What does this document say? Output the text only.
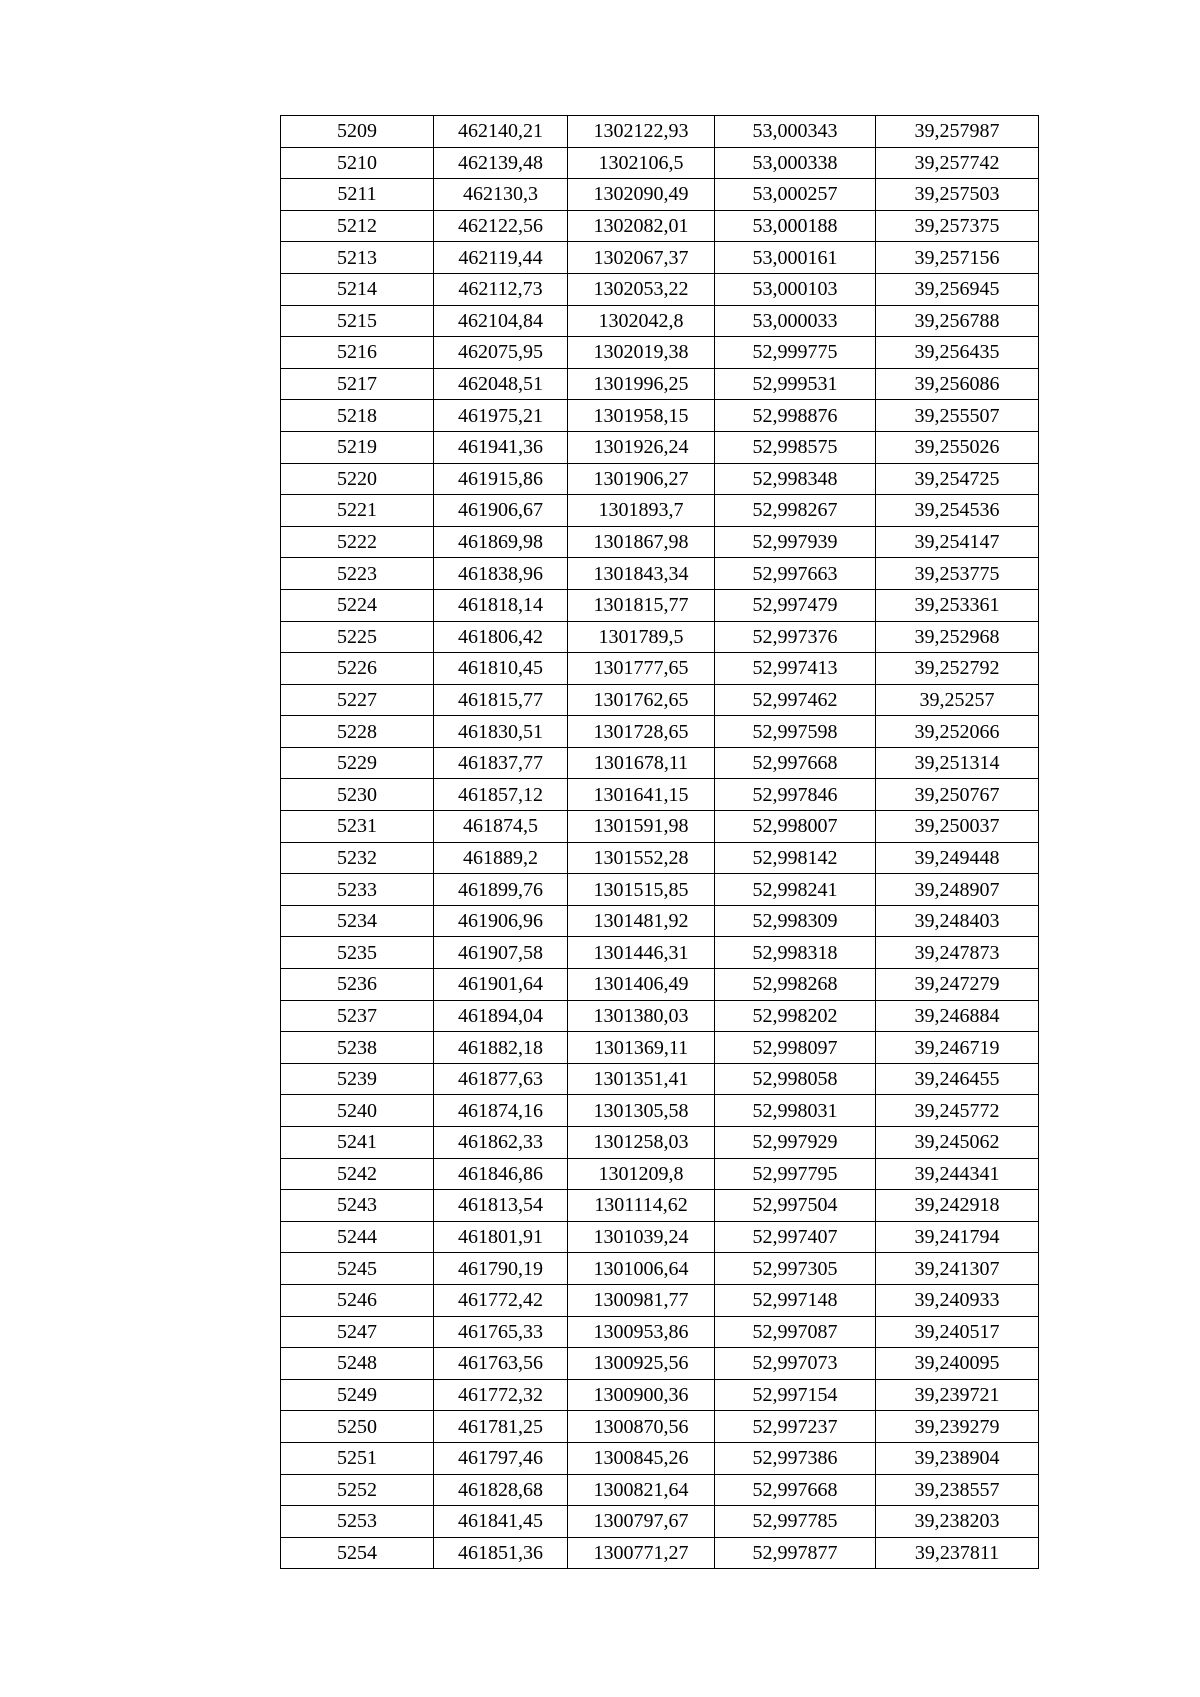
5209	462140,21	1302122,93	53,000343	39,257987
5210	462139,48	1302106,5	53,000338	39,257742
5211	462130,3	1302090,49	53,000257	39,257503
5212	462122,56	1302082,01	53,000188	39,257375
5213	462119,44	1302067,37	53,000161	39,257156
5214	462112,73	1302053,22	53,000103	39,256945
5215	462104,84	1302042,8	53,000033	39,256788
5216	462075,95	1302019,38	52,999775	39,256435
5217	462048,51	1301996,25	52,999531	39,256086
5218	461975,21	1301958,15	52,998876	39,255507
5219	461941,36	1301926,24	52,998575	39,255026
5220	461915,86	1301906,27	52,998348	39,254725
5221	461906,67	1301893,7	52,998267	39,254536
5222	461869,98	1301867,98	52,997939	39,254147
5223	461838,96	1301843,34	52,997663	39,253775
5224	461818,14	1301815,77	52,997479	39,253361
5225	461806,42	1301789,5	52,997376	39,252968
5226	461810,45	1301777,65	52,997413	39,252792
5227	461815,77	1301762,65	52,997462	39,25257
5228	461830,51	1301728,65	52,997598	39,252066
5229	461837,77	1301678,11	52,997668	39,251314
5230	461857,12	1301641,15	52,997846	39,250767
5231	461874,5	1301591,98	52,998007	39,250037
5232	461889,2	1301552,28	52,998142	39,249448
5233	461899,76	1301515,85	52,998241	39,248907
5234	461906,96	1301481,92	52,998309	39,248403
5235	461907,58	1301446,31	52,998318	39,247873
5236	461901,64	1301406,49	52,998268	39,247279
5237	461894,04	1301380,03	52,998202	39,246884
5238	461882,18	1301369,11	52,998097	39,246719
5239	461877,63	1301351,41	52,998058	39,246455
5240	461874,16	1301305,58	52,998031	39,245772
5241	461862,33	1301258,03	52,997929	39,245062
5242	461846,86	1301209,8	52,997795	39,244341
5243	461813,54	1301114,62	52,997504	39,242918
5244	461801,91	1301039,24	52,997407	39,241794
5245	461790,19	1301006,64	52,997305	39,241307
5246	461772,42	1300981,77	52,997148	39,240933
5247	461765,33	1300953,86	52,997087	39,240517
5248	461763,56	1300925,56	52,997073	39,240095
5249	461772,32	1300900,36	52,997154	39,239721
5250	461781,25	1300870,56	52,997237	39,239279
5251	461797,46	1300845,26	52,997386	39,238904
5252	461828,68	1300821,64	52,997668	39,238557
5253	461841,45	1300797,67	52,997785	39,238203
5254	461851,36	1300771,27	52,997877	39,237811
